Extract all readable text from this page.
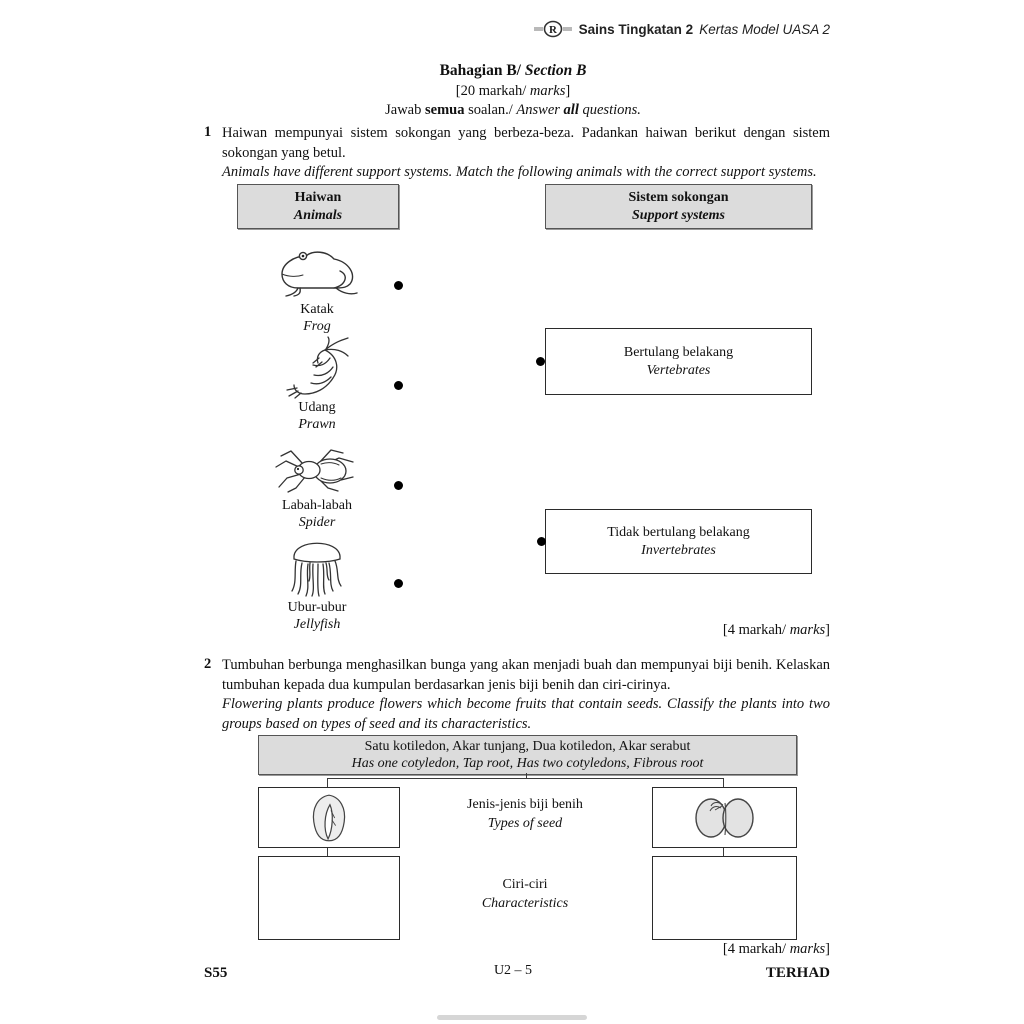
R Sains Tingkatan 2 Kertas Model UASA 2
Bahagian B/ Section B
[20 markah/ marks]
Jawab semua soalan./ Answer all questions.
1 Haiwan mempunyai sistem sokongan yang berbeza-beza. Padankan haiwan berikut dengan sistem sokongan yang betul.
Animals have different support systems. Match the following animals with the correct support systems.
Haiwan
Animals
Sistem sokongan
Support systems
Katak
Frog
Udang
Prawn
Labah-labah
Spider
Ubur-ubur
Jellyfish
Bertulang belakang
Vertebrates
Tidak bertulang belakang
Invertebrates
[4 markah/ marks]
2 Tumbuhan berbunga menghasilkan bunga yang akan menjadi buah dan mempunyai biji benih. Kelaskan tumbuhan kepada dua kumpulan berdasarkan jenis biji benih dan ciri-cirinya.
Flowering plants produce flowers which become fruits that contain seeds. Classify the plants into two groups based on types of seed and its characteristics.
Satu kotiledon, Akar tunjang, Dua kotiledon, Akar serabut
Has one cotyledon, Tap root, Has two cotyledons, Fibrous root
Jenis-jenis biji benih
Types of seed
Ciri-ciri
Characteristics
[4 markah/ marks]
S55	U2 – 5	TERHAD
